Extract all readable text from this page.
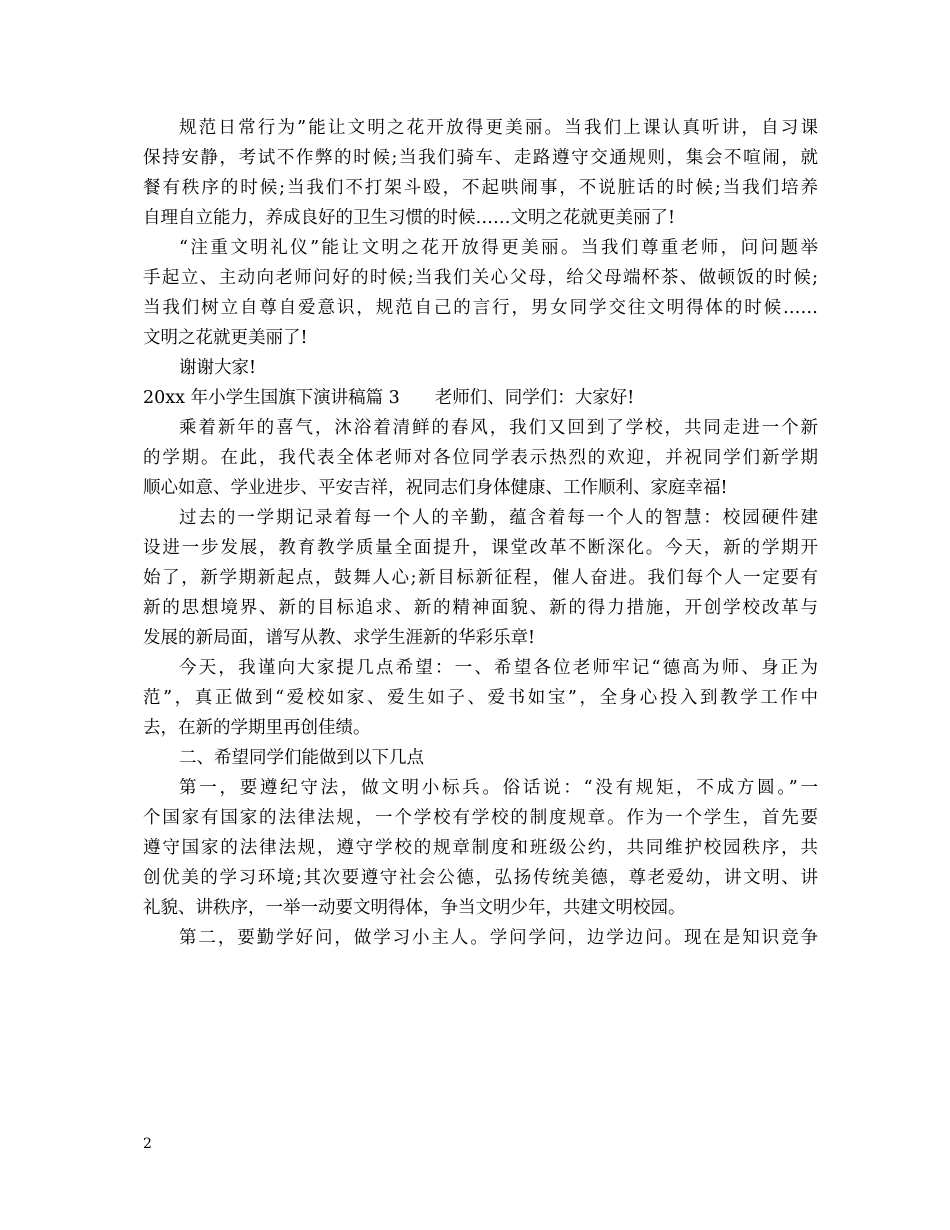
规范日常行为”能让文明之花开放得更美丽。当我们上课认真听讲，自习课
保持安静，考试不作弊的时候;当我们骑车、走路遵守交通规则，集会不喧闹，就
餐有秩序的时候;当我们不打架斗殴，不起哄闹事，不说脏话的时候;当我们培养
自理自立能力，养成良好的卫生习惯的时候……文明之花就更美丽了!
“注重文明礼仪”能让文明之花开放得更美丽。当我们尊重老师，问问题举
手起立、主动向老师问好的时候;当我们关心父母，给父母端杯茶、做顿饭的时候;
当我们树立自尊自爱意识，规范自己的言行，男女同学交往文明得体的时候……
文明之花就更美丽了!
谢谢大家!
20xx 年小学生国旗下演讲稿篇 3　　老师们、同学们：大家好!
乘着新年的喜气，沐浴着清鲜的春风，我们又回到了学校，共同走进一个新
的学期。在此，我代表全体老师对各位同学表示热烈的欢迎，并祝同学们新学期
顺心如意、学业进步、平安吉祥，祝同志们身体健康、工作顺利、家庭幸福!
过去的一学期记录着每一个人的辛勤，蕴含着每一个人的智慧：校园硬件建
设进一步发展，教育教学质量全面提升，课堂改革不断深化。今天，新的学期开
始了，新学期新起点，鼓舞人心;新目标新征程，催人奋进。我们每个人一定要有
新的思想境界、新的目标追求、新的精神面貌、新的得力措施，开创学校改革与
发展的新局面，谱写从教、求学生涯新的华彩乐章!
今天，我谨向大家提几点希望：一、希望各位老师牢记“德高为师、身正为
范”，真正做到“爱校如家、爱生如子、爱书如宝”，全身心投入到教学工作中
去，在新的学期里再创佳绩。
二、希望同学们能做到以下几点
第一，要遵纪守法，做文明小标兵。俗话说：“没有规矩，不成方圆。”一
个国家有国家的法律法规，一个学校有学校的制度规章。作为一个学生，首先要
遵守国家的法律法规，遵守学校的规章制度和班级公约，共同维护校园秩序，共
创优美的学习环境;其次要遵守社会公德，弘扬传统美德，尊老爱幼，讲文明、讲
礼貌、讲秩序，一举一动要文明得体，争当文明少年，共建文明校园。
第二，要勤学好问，做学习小主人。学问学问，边学边问。现在是知识竞争
2
